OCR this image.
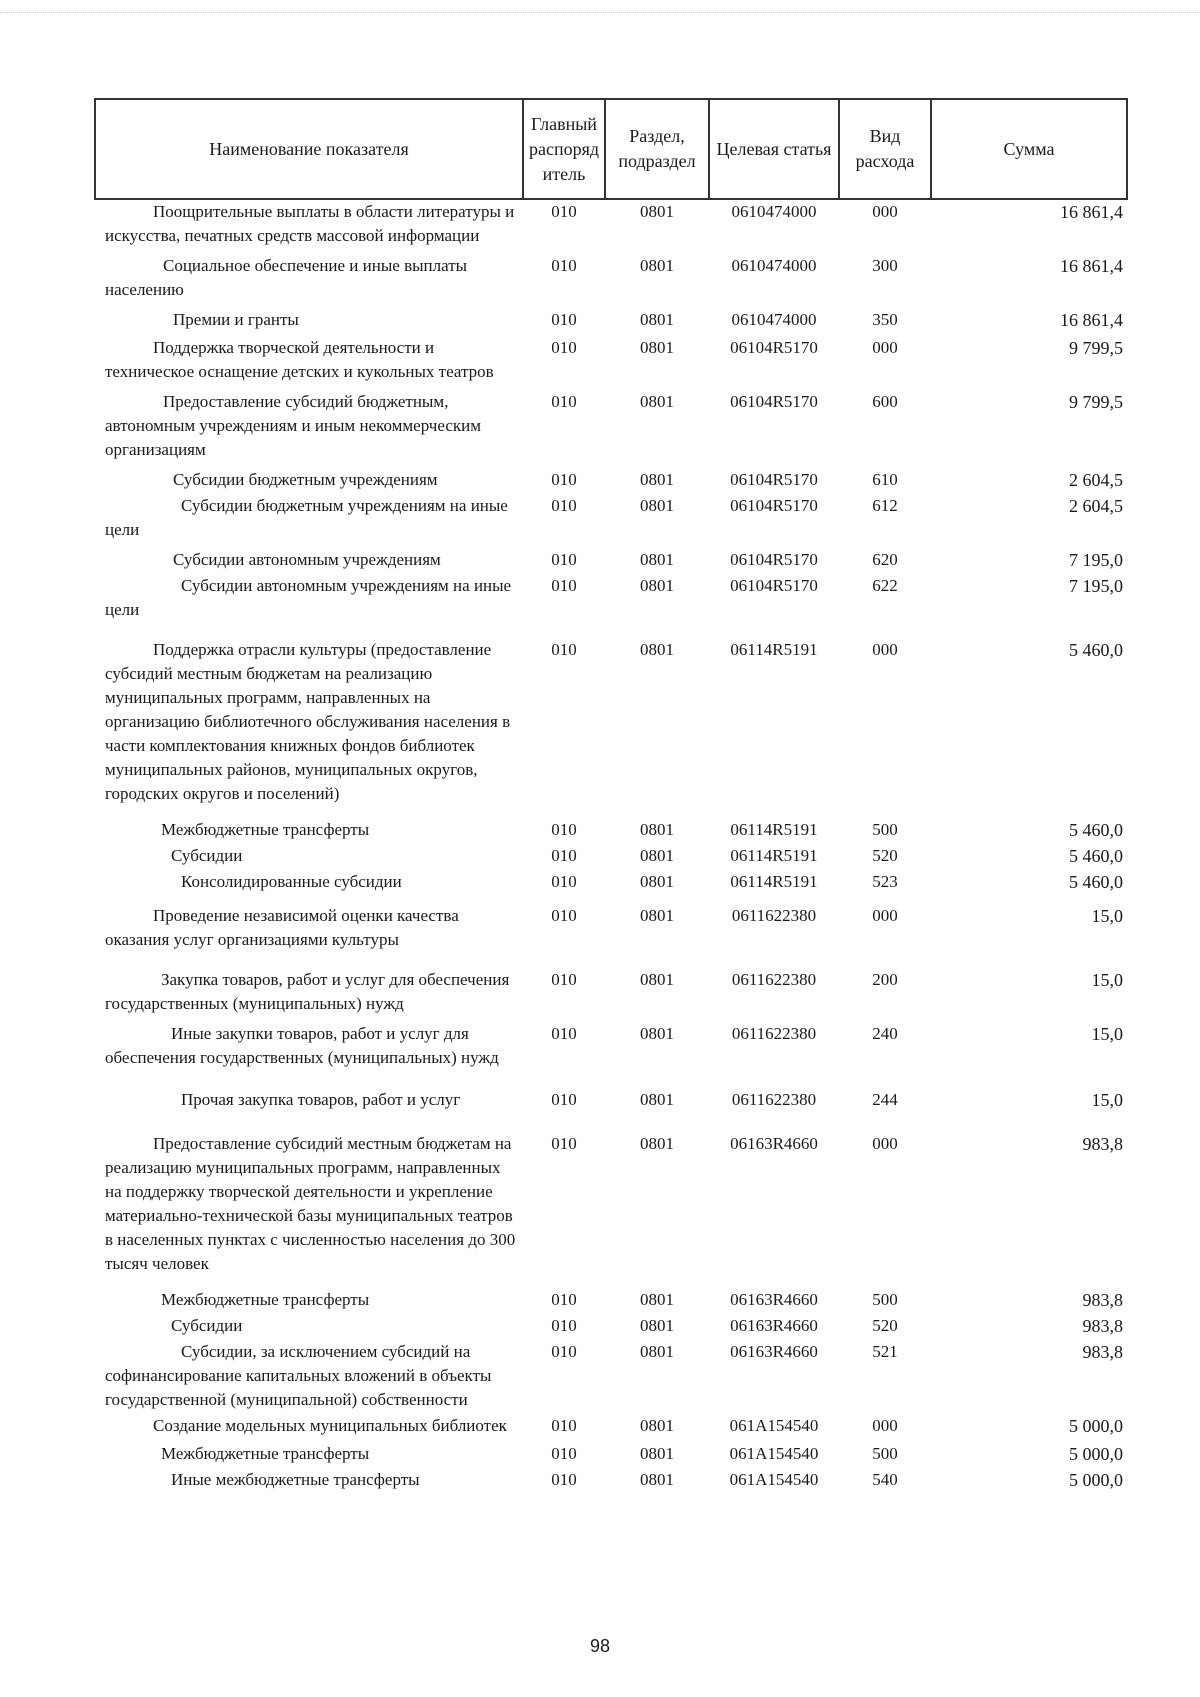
Наименование показателя	Главный распоряд итель	Раздел, подраздел	Целевая статья	Вид расхода	Сумма

Поощрительные выплаты в области литературы и искусства, печатных средств массовой информации	010	0801	0610474000	000	16 861,4

Социальное обеспечение и иные выплаты населению	010	0801	0610474000	300	16 861,4

Премии и гранты	010	0801	0610474000	350	16 861,4

Поддержка творческой деятельности и техническое оснащение детских и кукольных театров	010	0801	06104R5170	000	9 799,5

Предоставление субсидий бюджетным, автономным учреждениям и иным некоммерческим организациям	010	0801	06104R5170	600	9 799,5

Субсидии бюджетным учреждениям	010	0801	06104R5170	610	2 604,5

Субсидии бюджетным учреждениям на иные цели	010	0801	06104R5170	612	2 604,5

Субсидии автономным учреждениям	010	0801	06104R5170	620	7 195,0

Субсидии автономным учреждениям на иные цели	010	0801	06104R5170	622	7 195,0

Поддержка отрасли культуры (предоставление субсидий местным бюджетам на реализацию муниципальных программ, направленных на организацию библиотечного обслуживания населения в части комплектования книжных фондов библиотек муниципальных районов, муниципальных округов, городских округов и поселений)	010	0801	06114R5191	000	5 460,0

Межбюджетные трансферты	010	0801	06114R5191	500	5 460,0

Субсидии	010	0801	06114R5191	520	5 460,0

Консолидированные субсидии	010	0801	06114R5191	523	5 460,0

Проведение независимой оценки качества оказания услуг организациями культуры	010	0801	0611622380	000	15,0

Закупка товаров, работ и услуг для обеспечения государственных (муниципальных) нужд	010	0801	0611622380	200	15,0

Иные закупки товаров, работ и услуг для обеспечения государственных (муниципальных) нужд	010	0801	0611622380	240	15,0

Прочая закупка товаров, работ и услуг	010	0801	0611622380	244	15,0

Предоставление субсидий местным бюджетам на реализацию муниципальных программ, направленных на поддержку творческой деятельности и укрепление материально-технической базы муниципальных театров в населенных пунктах с численностью населения до 300 тысяч человек	010	0801	06163R4660	000	983,8

Межбюджетные трансферты	010	0801	06163R4660	500	983,8

Субсидии	010	0801	06163R4660	520	983,8

Субсидии, за исключением субсидий на софинансирование капитальных вложений в объекты государственной (муниципальной) собственности	010	0801	06163R4660	521	983,8

Создание модельных муниципальных библиотек	010	0801	061A154540	000	5 000,0

Межбюджетные трансферты	010	0801	061A154540	500	5 000,0

Иные межбюджетные трансферты	010	0801	061A154540	540	5 000,0
98
